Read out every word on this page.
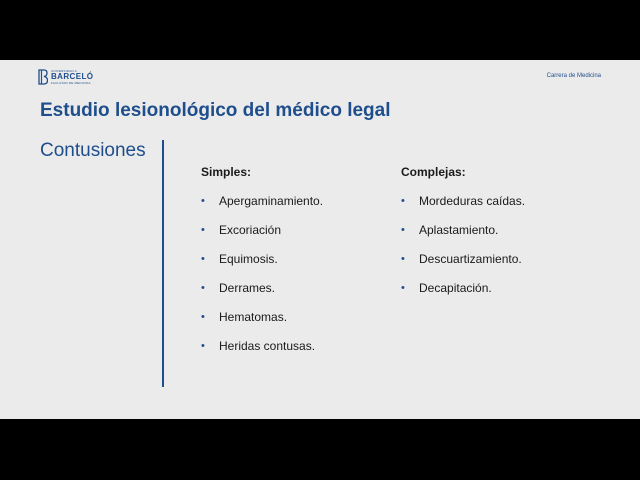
UNIVERSIDAD A.
BARCELÓ
FACULTAD DE MEDICINA
Carrera de Medicina
Estudio lesionológico del médico legal
Contusiones
Simples:
• Apergaminamiento.
• Excoriación
• Equimosis.
• Derrames.
• Hematomas.
• Heridas contusas.
Complejas:
• Mordeduras caídas.
• Aplastamiento.
• Descuartizamiento.
• Decapitación.
